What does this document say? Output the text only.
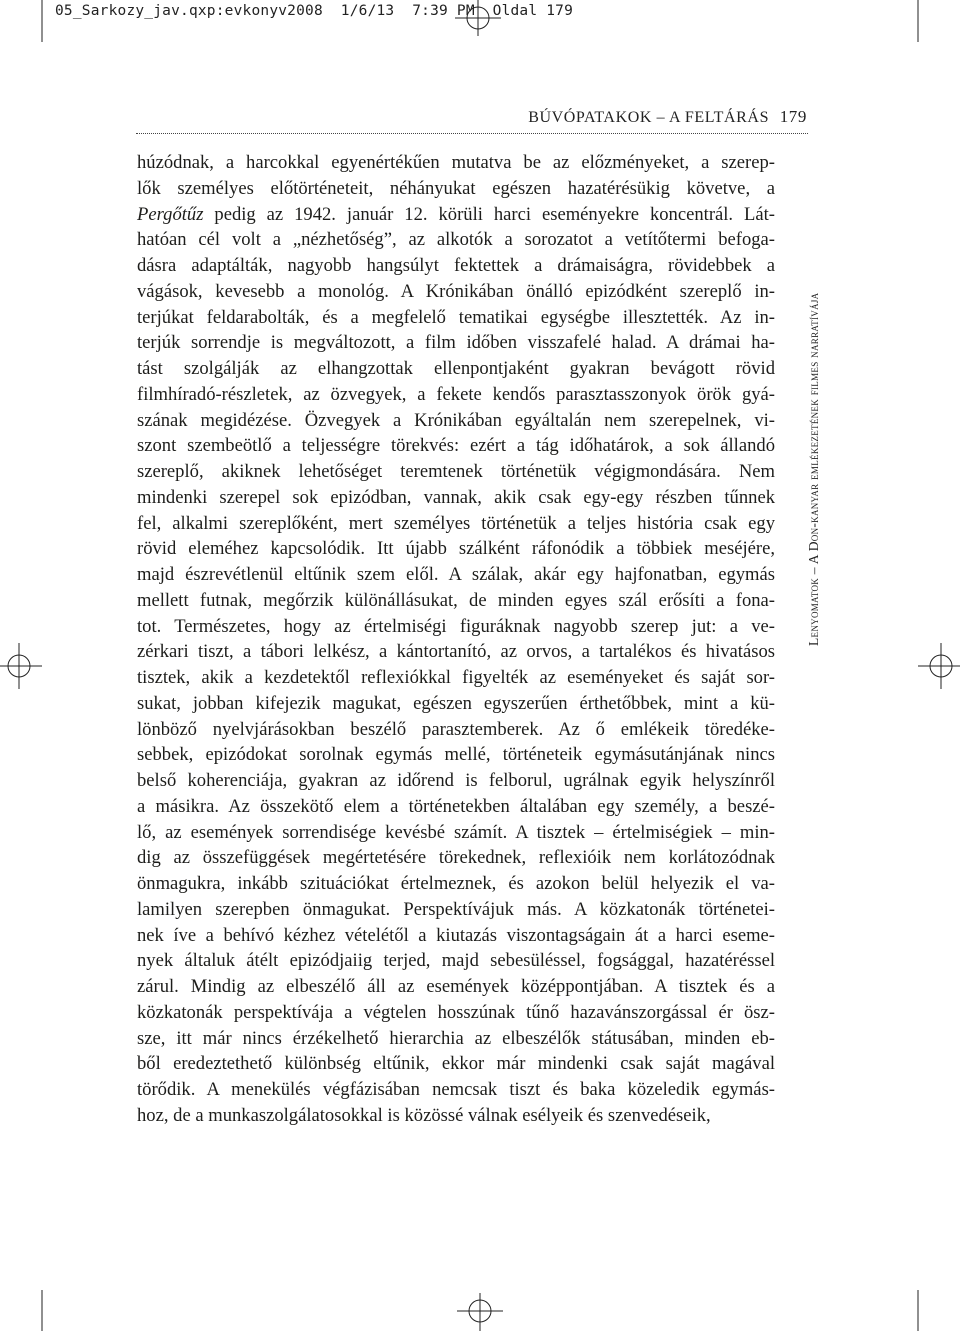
05_Sarkozy_jav.qxp:evkonyv2008 1/6/13 7:39 PM Oldal 179
BÚVÓPATAKOK – A FELTÁRÁS 179
Lenyomatok – A Don-kanyar emlékezetének filmes narratívája
húzódnak, a harcokkal egyenértékűen mutatva be az előzményeket, a szerep-
lők személyes előtörténeteit, néhányukat egészen hazatérésükig követve, a
Pergőtűz pedig az 1942. január 12. körüli harci eseményekre koncentrál. Lát-
hatóan cél volt a „nézhetőség”, az alkotók a sorozatot a vetítőtermi befoga-
dásra adaptálták, nagyobb hangsúlyt fektettek a drámaiságra, rövidebbek a
vágások, kevesebb a monológ. A Krónikában önálló epizódként szereplő in-
terjúkat feldarabolták, és a megfelelő tematikai egységbe illesztették. Az in-
terjúk sorrendje is megváltozott, a film időben visszafelé halad. A drámai ha-
tást szolgálják az elhangzottak ellenpontjaként gyakran bevágott rövid
filmhíradó-részletek, az özvegyek, a fekete kendős parasztasszonyok örök gyá-
szának megidézése. Özvegyek a Krónikában egyáltalán nem szerepelnek, vi-
szont szembeötlő a teljességre törekvés: ezért a tág időhatárok, a sok állandó
szereplő, akiknek lehetőséget teremtenek történetük végigmondására. Nem
mindenki szerepel sok epizódban, vannak, akik csak egy-egy részben tűnnek
fel, alkalmi szereplőként, mert személyes történetük a teljes história csak egy
rövid eleméhez kapcsolódik. Itt újabb szálként ráfonódik a többiek meséjére,
majd észrevétlenül eltűnik szem elől. A szálak, akár egy hajfonatban, egymás
mellett futnak, megőrzik különállásukat, de minden egyes szál erősíti a fona-
tot. Természetes, hogy az értelmiségi figuráknak nagyobb szerep jut: a ve-
zérkari tiszt, a tábori lelkész, a kántortanító, az orvos, a tartalékos és hivatásos
tisztek, akik a kezdetektől reflexiókkal figyelték az eseményeket és saját sor-
sukat, jobban kifejezik magukat, egészen egyszerűen érthetőbbek, mint a kü-
lönböző nyelvjárásokban beszélő parasztemberek. Az ő emlékeik töredéke-
sebbek, epizódokat sorolnak egymás mellé, történeteik egymásutánjának nincs
belső koherenciája, gyakran az időrend is felborul, ugrálnak egyik helyszínről
a másikra. Az összekötő elem a történetekben általában egy személy, a beszé-
lő, az események sorrendisége kevésbé számít. A tisztek – értelmiségiek – min-
dig az összefüggések megértetésére törekednek, reflexióik nem korlátozódnak
önmagukra, inkább szituációkat értelmeznek, és azokon belül helyezik el va-
lamilyen szerepben önmagukat. Perspektívájuk más. A közkatonák történetei-
nek íve a behívó kézhez vételétől a kiutazás viszontagságain át a harci eseme-
nyek általuk átélt epizódjaiig terjed, majd sebesüléssel, fogsággal, hazatéréssel
zárul. Mindig az elbeszélő áll az események középpontjában. A tisztek és a
közkatonák perspektívája a végtelen hosszúnak tűnő hazavánszorgással ér ösz-
sze, itt már nincs érzékelhető hierarchia az elbeszélők státusában, minden eb-
ből eredeztethető különbség eltűnik, ekkor már mindenki csak saját magával
törődik. A menekülés végfázisában nemcsak tiszt és baka közeledik egymás-
hoz, de a munkaszolgálatosokkal is közössé válnak esélyeik és szenvedéseik,
